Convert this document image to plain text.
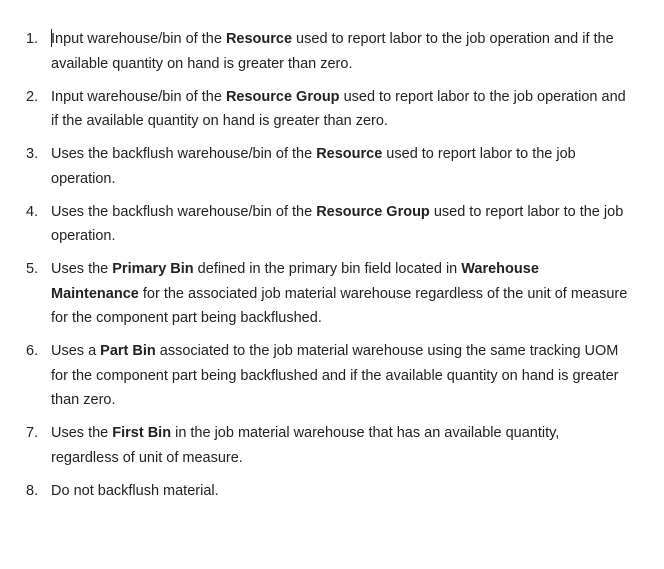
1. Input warehouse/bin of the Resource used to report labor to the job operation and if the available quantity on hand is greater than zero.
2. Input warehouse/bin of the Resource Group used to report labor to the job operation and if the available quantity on hand is greater than zero.
3. Uses the backflush warehouse/bin of the Resource used to report labor to the job operation.
4. Uses the backflush warehouse/bin of the Resource Group used to report labor to the job operation.
5. Uses the Primary Bin defined in the primary bin field located in Warehouse Maintenance for the associated job material warehouse regardless of the unit of measure for the component part being backflushed.
6. Uses a Part Bin associated to the job material warehouse using the same tracking UOM for the component part being backflushed and if the available quantity on hand is greater than zero.
7. Uses the First Bin in the job material warehouse that has an available quantity, regardless of unit of measure.
8. Do not backflush material.
